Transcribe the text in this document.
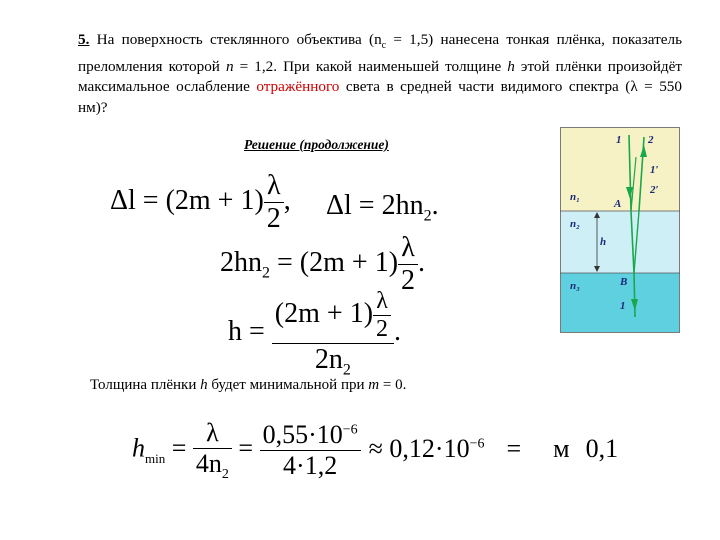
5. На поверхность стеклянного объектива $(n_с = 1,5)$ нанесена тонкая плёнка, показатель преломления которой n = 1,2. При какой наименьшей толщине h этой плёнки произойдёт максимальное ослабление отражённого света в средней части видимого спектра (λ = 550 нм)?
Решение (продолжение)
$\Delta l = (2m + 1) \frac{\lambda}{2}$ , $\Delta l = 2hn_2$.
$2hn_2 = (2m + 1) \frac{\lambda}{2}$ .
$h = \frac{(2m + 1) \frac{\lambda}{2}}{2n_2}$ .
Толщина плёнки h будет минимальной при m = 0.
$h_{min} = \frac{\lambda}{4n_2} = \frac{0,55\cdot 10^{-6}}{4\cdot 1,2} \approx 0,12\cdot 10^{-6} = м$ 0,1
1 2
1′
2′
n₁
n₂
n₃
A
B
h
1
